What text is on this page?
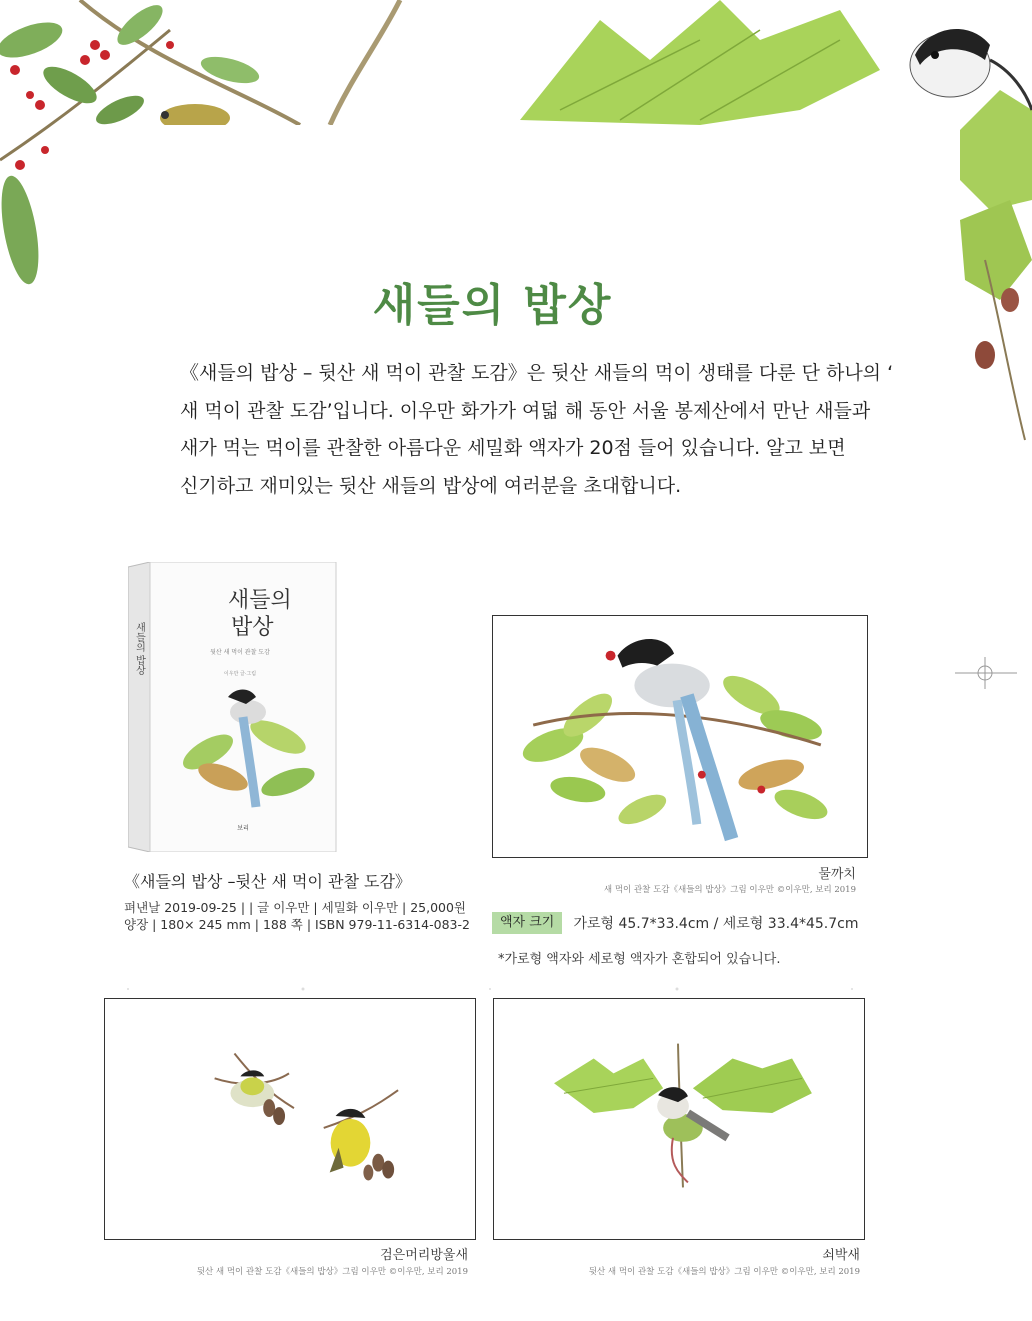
새들의 밥상

《새들의 밥상 – 뒷산 새 먹이 관찰 도감》은 뒷산 새들의 먹이 생태를 다룬 단 하나의 ‘
새 먹이 관찰 도감’입니다. 이우만 화가가 여덟 해 동안 서울 봉제산에서 만난 새들과
새가 먹는 먹이를 관찰한 아름다운 세밀화 액자가 20점 들어 있습니다. 알고 보면
신기하고 재미있는 뒷산 새들의 밥상에 여러분을 초대합니다.

새들의 밥상
새들의
밥상
뒷산 새 먹이 관찰 도감
이우만 글·그림
보리
《새들의 밥상 –뒷산 새 먹이 관찰 도감》
펴낸날 2019-09-25 | | 글 이우만 | 세밀화 이우만 | 25,000원
양장 | 180× 245 mm | 188 쪽 | ISBN 979-11-6314-083-2
물까치
새 먹이 관찰 도감《새들의 밥상》그림 이우만 ©이우만, 보리 2019
액자 크기 가로형 45.7*33.4cm / 세로형 33.4*45.7cm
*가로형 액자와 세로형 액자가 혼합되어 있습니다.
검은머리방울새
뒷산 새 먹이 관찰 도감《새들의 밥상》그림 이우만 ©이우만, 보리 2019
쇠박새
뒷산 새 먹이 관찰 도감《새들의 밥상》그림 이우만 ©이우만, 보리 2019
